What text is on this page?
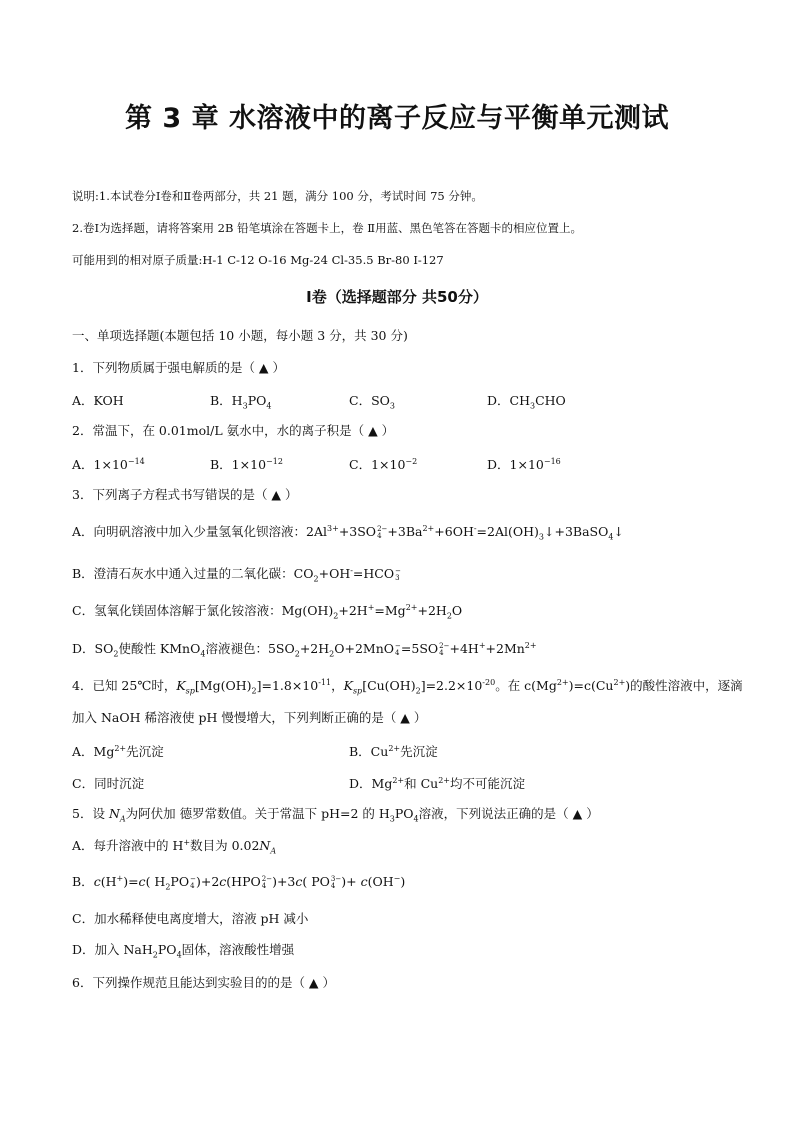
第 3 章 水溶液中的离子反应与平衡单元测试
说明:1.本试卷分Ⅰ卷和Ⅱ卷两部分，共 21 题，满分 100 分，考试时间 75 分钟。
2.卷Ⅰ为选择题，请将答案用 2B 铅笔填涂在答题卡上，卷 Ⅱ用蓝、黑色笔答在答题卡的相应位置上。
可能用到的相对原子质量:H-1 C-12 O-16 Mg-24 Cl-35.5 Br-80 I-127
Ⅰ卷（选择题部分 共50分）
一、单项选择题(本题包括 10 小题，每小题 3 分，共 30 分)
1．下列物质属于强电解质的是（ ▲ ）
A．KOH	B．$H_3PO_4$	C．$SO_3$	D．$CH_3CHO$
2．常温下，在 0.01mol/L 氨水中，水的离子积是（ ▲ ）
A．$1\times 10^{-14}$	B．$1\times 10^{-12}$	C．$1\times 10^{-2}$	D．$1\times 10^{-16}$
3．下列离子方程式书写错误的是（ ▲ ）
A．向明矾溶液中加入少量氢氧化钡溶液：$2Al^{3+}+3SO$ 2−
$4 +3Ba^{2+}+6OH^-=2Al(OH)_3↓+3BaSO_4↓$
B．澄清石灰水中通入过量的二氧化碳：$CO_2+OH^-=HCO$ −
3
C．氢氧化镁固体溶解于氯化铵溶液：$Mg(OH)_2+2H^+=Mg^{2+}+2H_2O$
D．$SO_2$使酸性 KMnO$_4$溶液褪色：$5SO_2+2H_2O+2MnO$ −
4 =5SO 2−
$4 +4H^++2Mn^{2+}$
4．已知 25℃时，$K_{sp}[Mg(OH)_2]=1.8\times 10^{-11}$，$K_{sp}[Cu(OH)_2]=2.2\times 10^{-20}$。在 $c(Mg^{2+})=c(Cu^{2+})$的酸性溶液中，逐滴
加入 NaOH 稀溶液使 pH 慢慢增大，下列判断正确的是（ ▲ ）
A．$Mg^{2+}$先沉淀	B．$Cu^{2+}$先沉淀
C．同时沉淀	D．$Mg^{2+}$和 $Cu^{2+}$均不可能沉淀
5．设 $N_A$为阿伏加 德罗常数值。关于常温下 pH=2 的 $H_3PO_4$溶液，下列说法正确的是（ ▲ ）
A．每升溶液中的 H+数目为 $0.02N_A$
B．c(H+)=c( $H_2PO$ −
4 )+2c(HPO 2−
4 )+3c( PO 3−
4 )+ c(OH−)
C．加水稀释使电离度增大，溶液 pH 减小
D．加入 $NaH_2PO_4$固体，溶液酸性增强
6．下列操作规范且能达到实验目的的是（ ▲ ）
